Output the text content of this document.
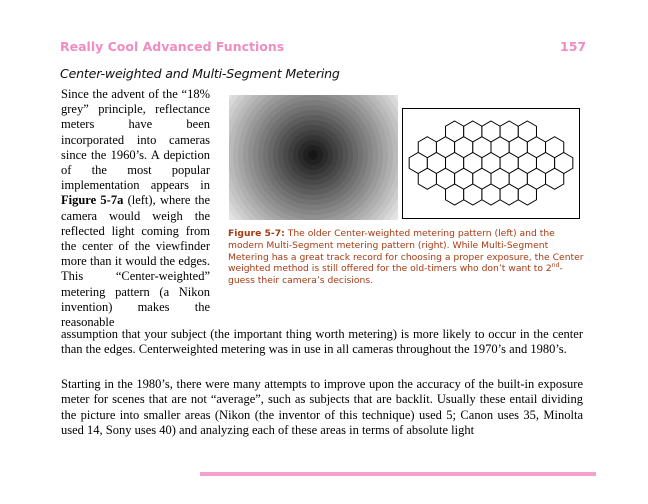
Really Cool Advanced Functions	157
Center-weighted and Multi-Segment Metering
Since the advent of the “18% grey” principle, reflectance meters have been incorporated into cameras since the 1960’s. A depiction of the most popular implementation appears in Figure 5-7a (left), where the camera would weigh the reflected light coming from the center of the viewfinder more than it would the edges. This “Center-weighted” metering pattern (a Nikon invention) makes the reasonable
Figure 5-7: The older Center-weighted metering pattern (left) and the modern Multi-Segment metering pattern (right). While Multi-Segment Metering has a great track record for choosing a proper exposure, the Center weighted method is still offered for the old-timers who don’t want to 2nd-guess their camera’s decisions.
assumption that your subject (the important thing worth metering) is more likely to occur in the center than the edges. Centerweighted metering was in use in all cameras throughout the 1970’s and 1980’s.
Starting in the 1980’s, there were many attempts to improve upon the accuracy of the built-in exposure meter for scenes that are not “average”, such as subjects that are backlit. Usually these entail dividing the picture into smaller areas (Nikon (the inventor of this technique) used 5; Canon uses 35, Minolta used 14, Sony uses 40) and analyzing each of these areas in terms of absolute light
